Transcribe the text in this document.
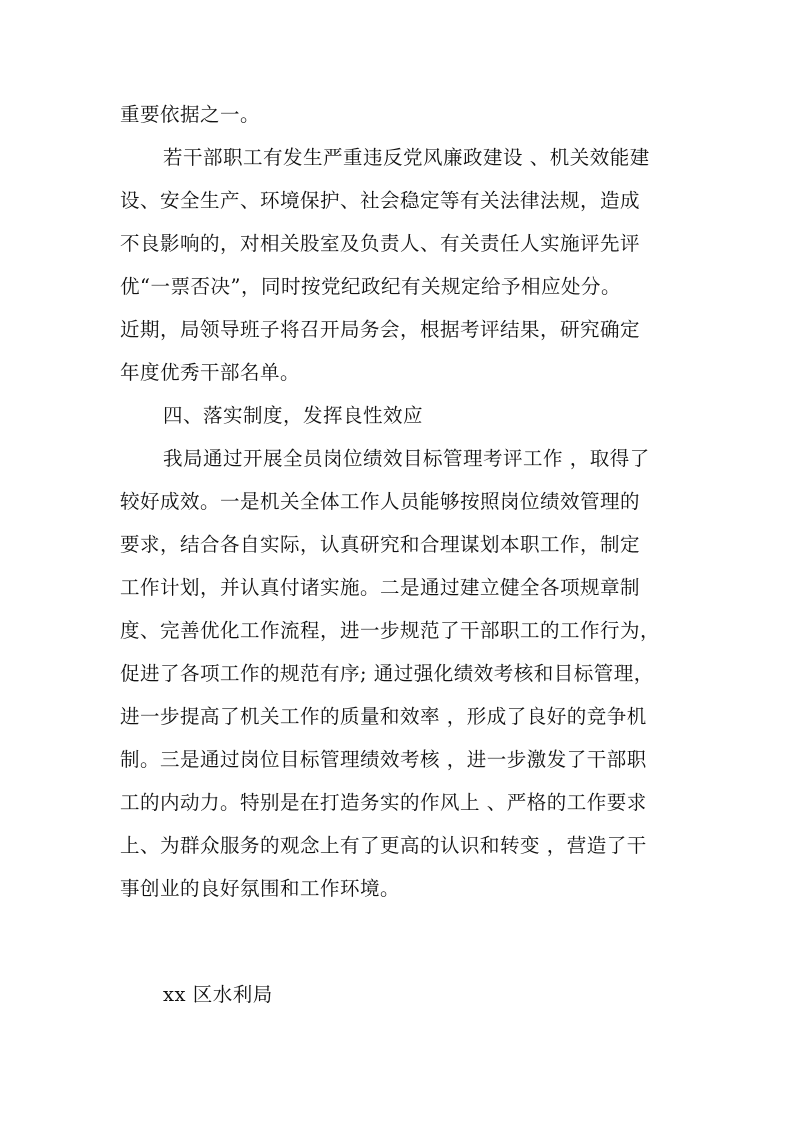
重要依据之一。
若干部职工有发生严重违反党风廉政建设 、机关效能建
设、安全生产、环境保护、社会稳定等有关法律法规，造成
不良影响的，对相关股室及负责人、有关责任人实施评先评
优“一票否决”，同时按党纪政纪有关规定给予相应处分。
近期，局领导班子将召开局务会，根据考评结果，研究确定
年度优秀干部名单。
四、落实制度，发挥良性效应
我局通过开展全员岗位绩效目标管理考评工作 ，取得了
较好成效。一是机关全体工作人员能够按照岗位绩效管理的
要求，结合各自实际，认真研究和合理谋划本职工作，制定
工作计划，并认真付诸实施。二是通过建立健全各项规章制
度、完善优化工作流程，进一步规范了干部职工的工作行为，
促进了各项工作的规范有序; 通过强化绩效考核和目标管理，
进一步提高了机关工作的质量和效率 ，形成了良好的竞争机
制。三是通过岗位目标管理绩效考核 ，进一步激发了干部职
工的内动力。特别是在打造务实的作风上 、严格的工作要求
上、为群众服务的观念上有了更高的认识和转变 ，营造了干
事创业的良好氛围和工作环境。
xx 区水利局
